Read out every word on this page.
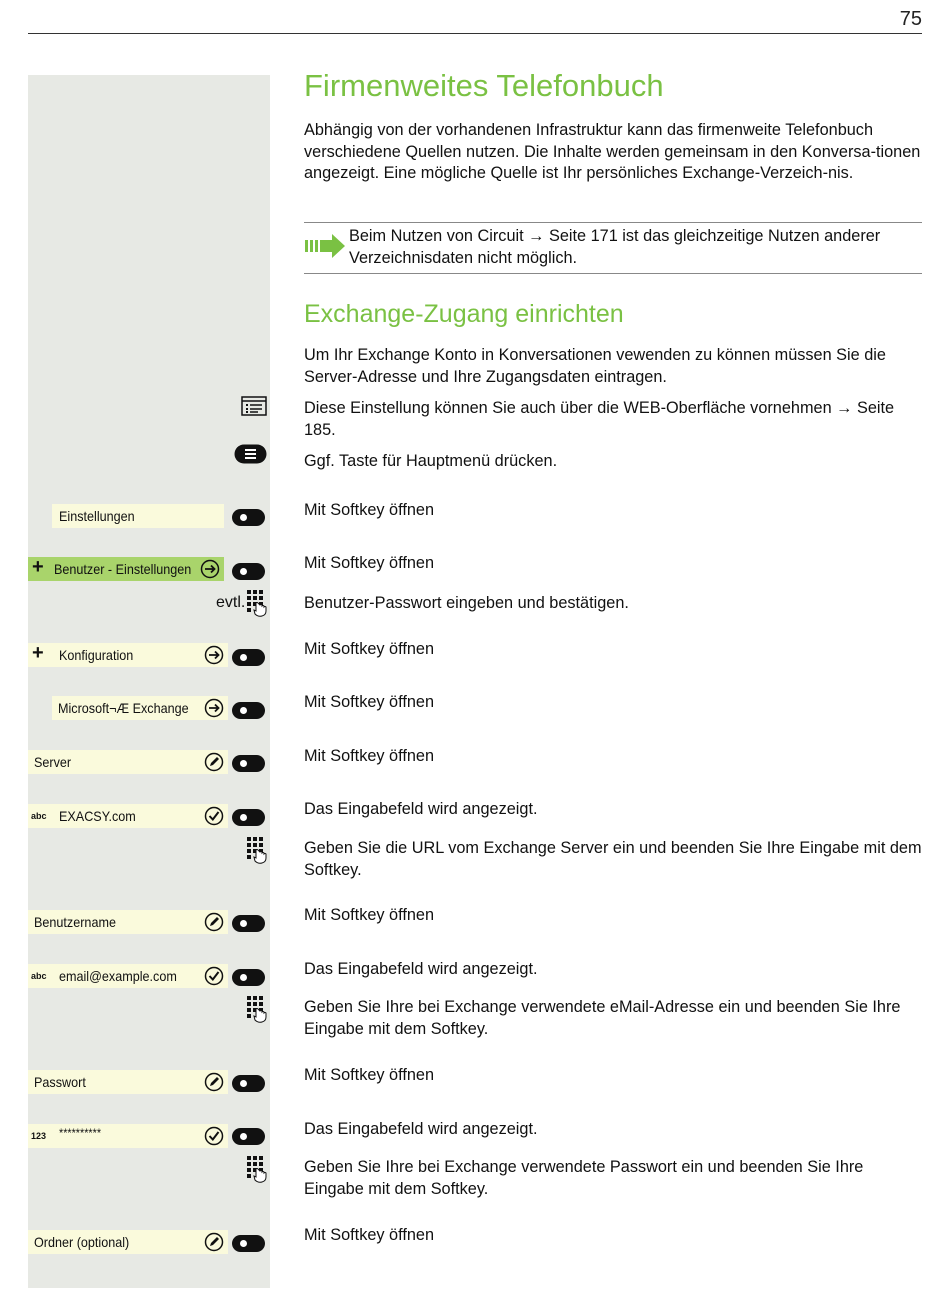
75
Firmenweites Telefonbuch

Abhängig von der vorhandenen Infrastruktur kann das firmenweite Telefonbuch verschiedene Quellen nutzen. Die Inhalte werden gemeinsam in den Konversa-tionen angezeigt. Eine mögliche Quelle ist Ihr persönliches Exchange-Verzeich-nis.

Beim Nutzen von Circuit → Seite 171 ist das gleichzeitige Nutzen anderer Verzeichnisdaten nicht möglich.

Exchange-Zugang einrichten

Um Ihr Exchange Konto in Konversationen vewenden zu können müssen Sie die Server-Adresse und Ihre Zugangsdaten eintragen.

Diese Einstellung können Sie auch über die WEB-Oberfläche vornehmen → Seite 185.

Ggf. Taste für Hauptmenü drücken.

Einstellungen	Mit Softkey öffnen

+ Benutzer - Einstellungen	Mit Softkey öffnen

evtl.	Benutzer-Passwort eingeben und bestätigen.

+ Konfiguration	Mit Softkey öffnen

Microsoft¬Æ Exchange	Mit Softkey öffnen

Server	Mit Softkey öffnen

abc EXACSY.com	Das Eingabefeld wird angezeigt.

Geben Sie die URL vom Exchange Server ein und beenden Sie Ihre Eingabe mit dem Softkey.

Benutzername	Mit Softkey öffnen

abc email@example.com	Das Eingabefeld wird angezeigt.

Geben Sie Ihre bei Exchange verwendete eMail-Adresse ein und beenden Sie Ihre Eingabe mit dem Softkey.

Passwort	Mit Softkey öffnen

123 **********	Das Eingabefeld wird angezeigt.

Geben Sie Ihre bei Exchange verwendete Passwort ein und beenden Sie Ihre Eingabe mit dem Softkey.

Ordner (optional)	Mit Softkey öffnen
